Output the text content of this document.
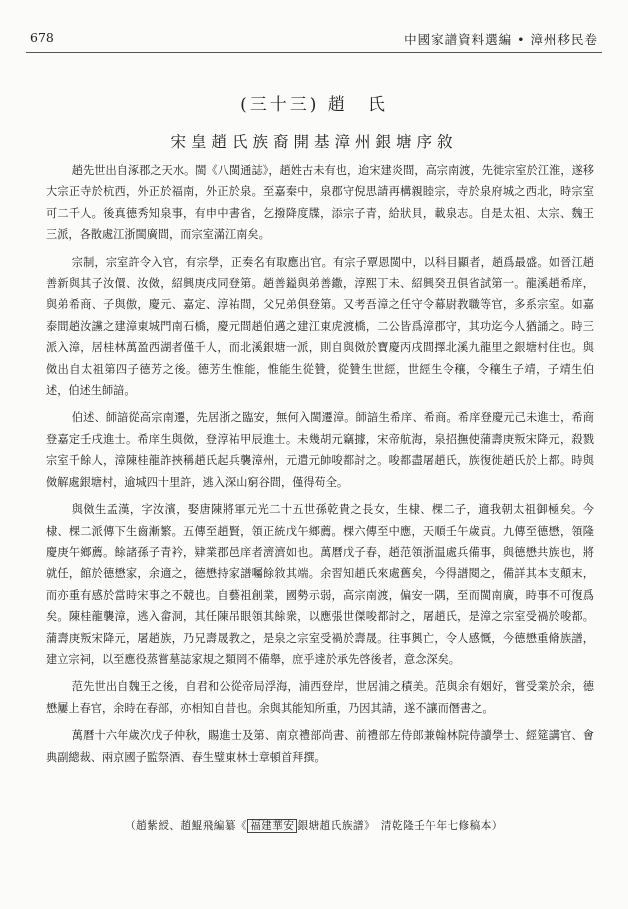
678	中國家譜資料選編 • 漳州移民卷
(三十三) 趙　氏
宋皇趙氏族裔開基漳州銀塘序敘

趙先世出自涿郡之天水。閩《八閩通誌》，趙姓古未有也，迨宋建炎間，高宗南渡，先徙宗室於江淮，遂移大宗正寺於杭西，外正於福南，外正於泉。至嘉秦中，泉郡守倪思請再構親睦宗，寺於泉府城之西北，時宗室可二千人。後真德秀知泉事，有申中書省，乞撥降度牒，添宗子青，給狀貝，載泉志。自是太祖、太宗、魏王三派，各散處江浙閩廣間，而宗室滿江南矣。

宗制，宗室許令入官，有宗學，正奏名有取應出官。有宗子覃恩閩中，以科目顯者，趙爲最盛。如晉江趙善新與其子汝儇、汝傚，紹興庚戌同登第。趙善鎰與弟善鏾，淳熙丁未、紹興癸丑俱省試第一。龍溪趙希庠，與弟希商、子與傲，慶元、嘉定、淳祐間，父兄弟俱登第。又考吾漳之任守令幕尉教職等官，多系宗室。如嘉泰間趙汝讜之建漳東城門南石橋，慶元間趙伯邁之建江東虎渡橋，二公皆爲漳郡守，其功迄今人猶誦之。時三派入漳，居桂林萬盈西湖者僅千人，而北溪銀塘一派，則自與傚於寶慶丙戌間擇北溪九龍里之銀塘村住也。與傚出自太祖第四子德芳之後。德芳生惟能，惟能生從贊，從贊生世經，世經生令穰，令穰生子靖，子靖生伯述，伯述生師諳。

伯述、師諳從高宗南遷，先居浙之臨安，無何入閩遷漳。師諳生希庠、希商。希庠登慶元己未進士，希商登嘉定壬戌進士。希庠生與傚，登淳祐甲辰進士。未幾胡元竊據，宋帝航海，泉招撫使蒲壽庚叛宋降元，殺戮宗室千餘人，漳陳桂龍詐挾稱趙氏起兵襲漳州，元遣元帥唆都討之。唆都盡屠趙氏，族復徙趙氏於上都。時與傚解處銀塘村，逾城四十里許，逃入深山窮谷間，僅得苟全。

與傚生孟漢，字汝濱，娶唐陳將軍元光二十五世孫乾貴之長女，生棣、棵二子，適我朝太祖御極矣。今棣、棵二派傳下生齒漸繁。五傳至趙賢，領正統戊午鄉薦。棵六傳至中應，天順壬午歲貢。九傳至德懋，領隆慶庚午鄉薦。餘諸孫子青衿，肄業郡邑庠者濟濟如也。萬曆戊子春，趙范領浙温處兵備事，與德懋共族也，將就任，館於德懋家，余適之，德懋持家譜囑餘敘其端。余習知趙氏來處舊矣，今得譜閱之，備詳其本支顛末，而亦重有感於當時宋事之不競也。自藝祖創業，國勢示弱，高宗南渡，偏安一隅，至而閩南廣，時事不可復爲矣。陳桂龍襲漳，逃入畲洞，其任陳吊眼領其餘衆，以應張世傑唆都討之，屠趙氏，是漳之宗室受禍於唆都。蒲壽庚叛宋降元，屠趙族，乃兄壽晟教之，是泉之宗室受禍於壽晟。往事興亡，令人感慨，今德懋重脩族譜，建立宗祠，以至應役蒸嘗墓誌家規之類罔不備舉，庶乎達於承先啓後者，意念深矣。

范先世出自魏王之後，自君和公從帝局浮海，浦西登岸，世居浦之積美。范與余有姻好，嘗受業於余，德懋屢上春官，余時在春部，亦相知自昔也。余與其能知所重，乃因其請，遂不讓而僭書之。

萬曆十六年歲次戊子仲秋，賜進士及第、南京禮部尚書、前禮部左侍郎兼翰林院侍讀學士、經筵講官、會典副總裁、兩京國子監祭酒、春生璧東林士章頓首拜撰。

（趙紫綬、趙鯤飛編纂《 福建華安 銀塘趙氏族譜》　清乾隆壬午年七修稿本）
